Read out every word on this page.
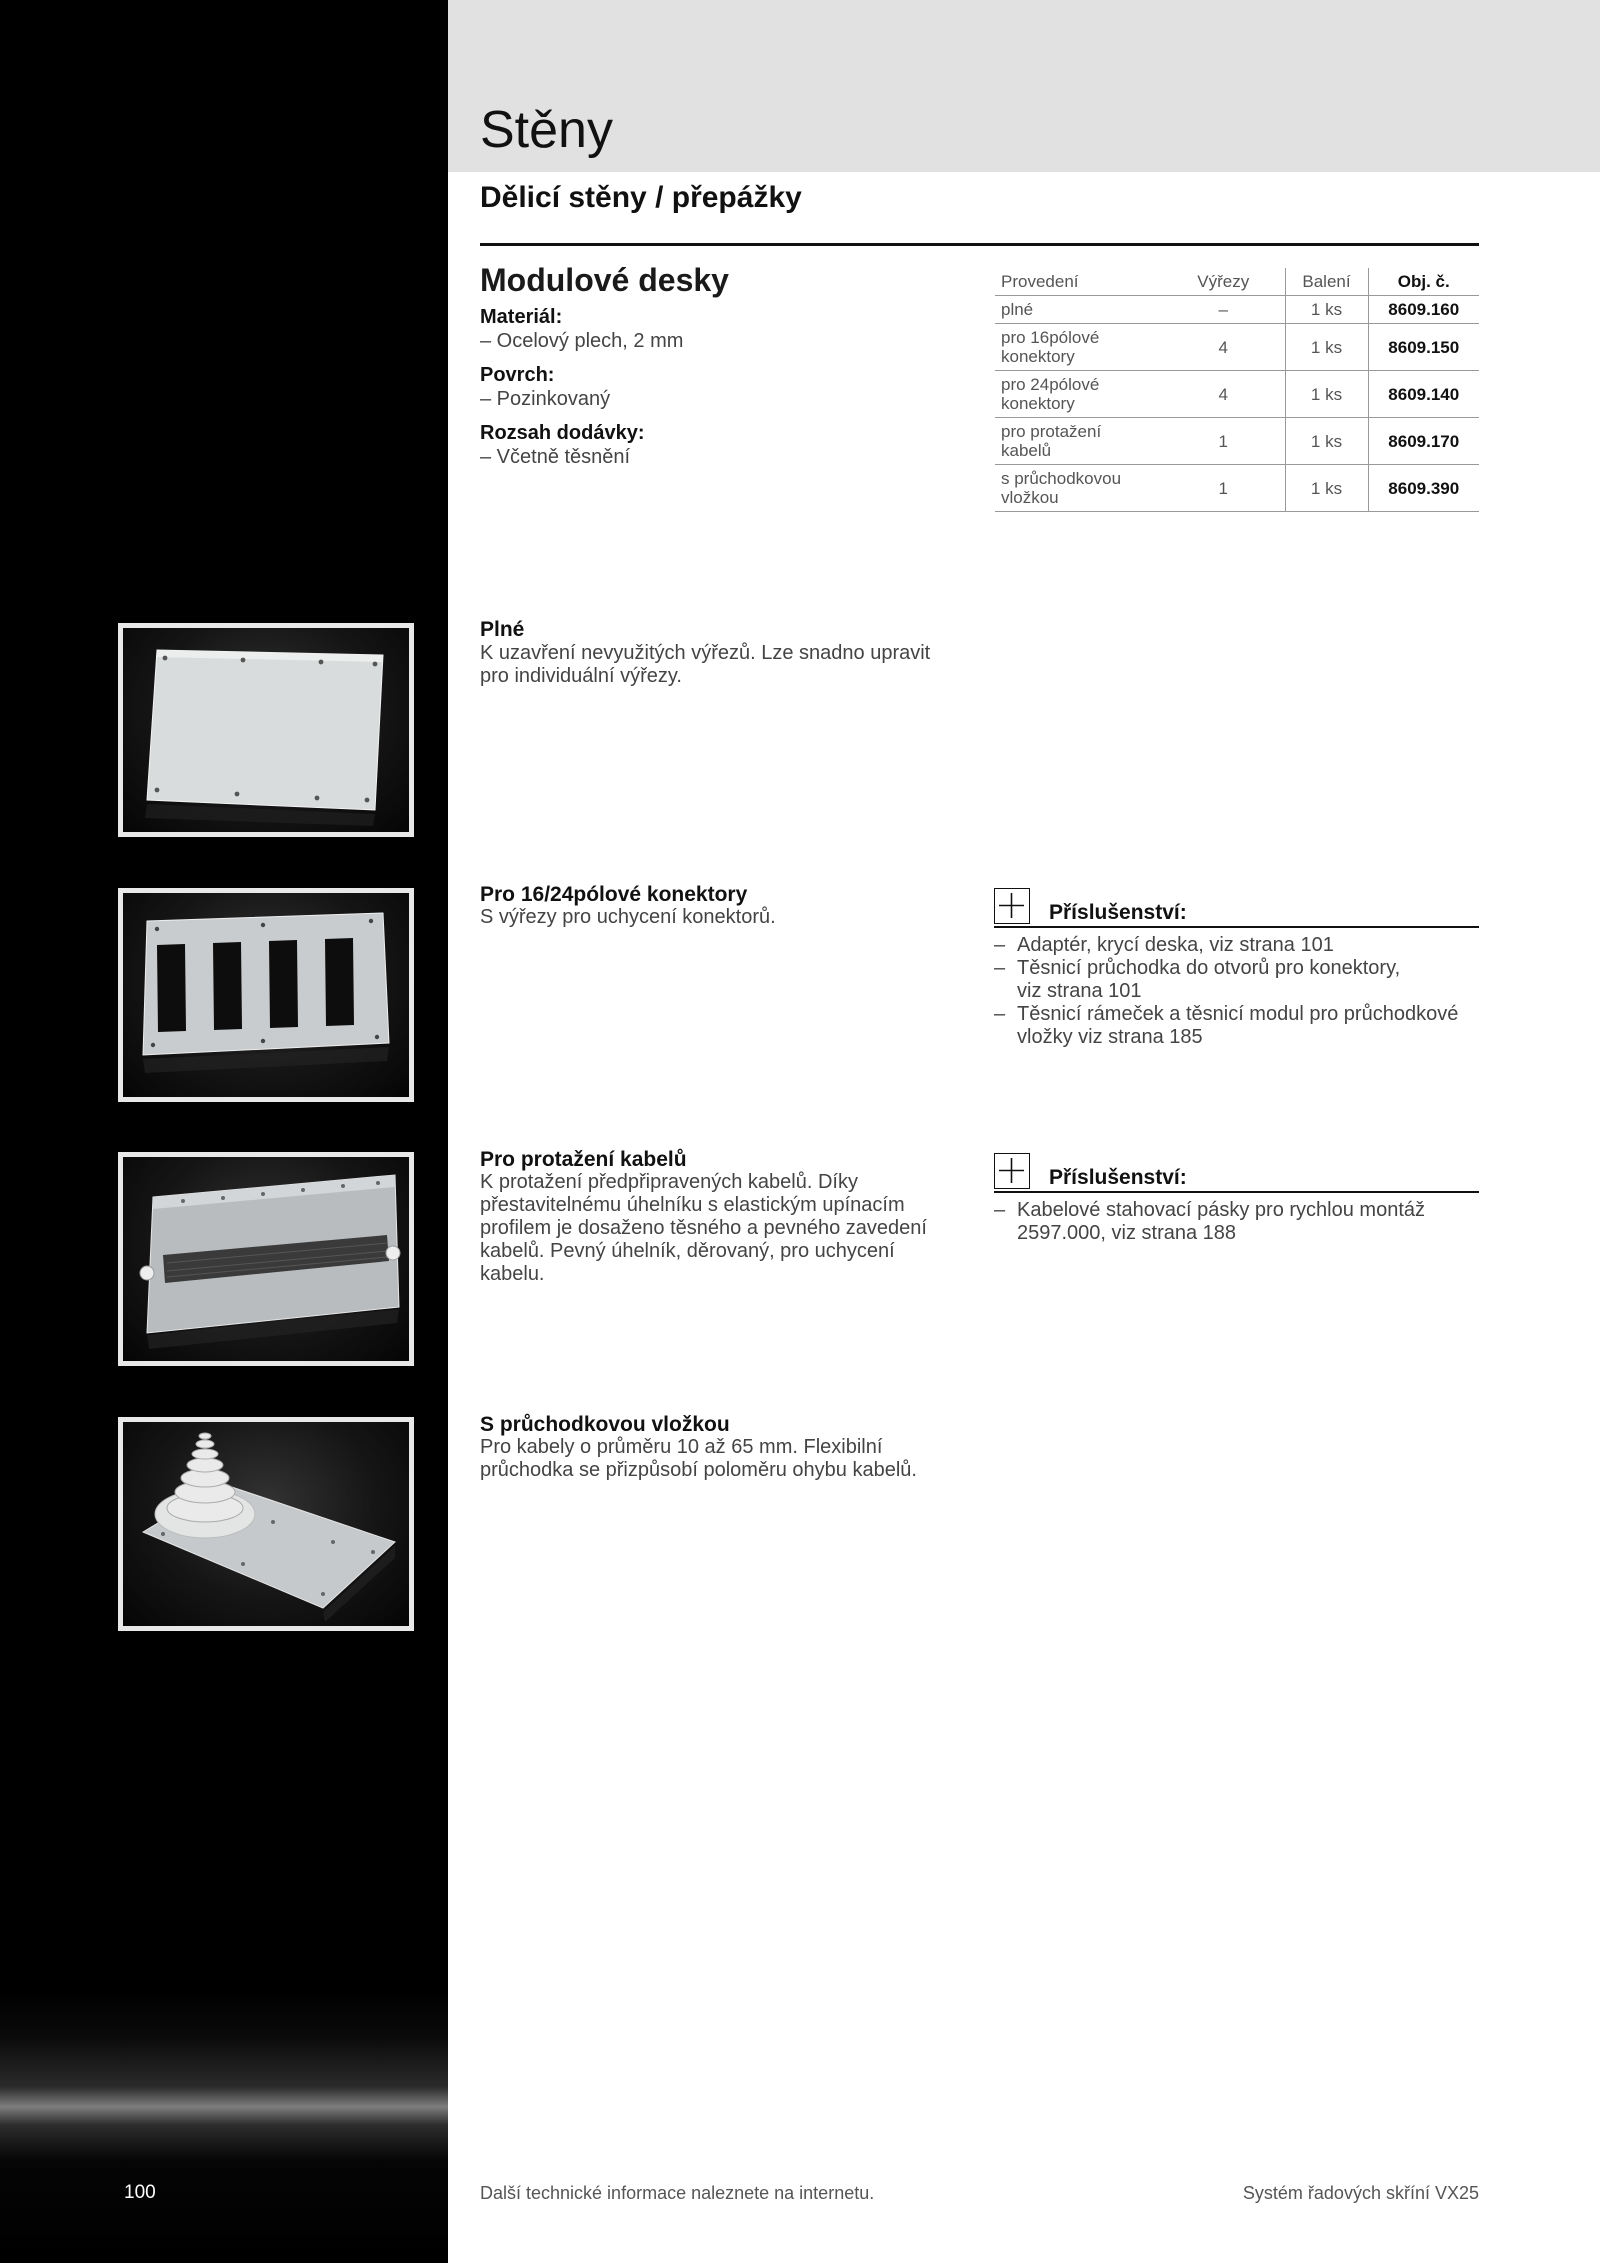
Stěny
Dělicí stěny / přepážky
Modulové desky
Materiál:
– Ocelový plech, 2 mm
Povrch:
– Pozinkovaný
Rozsah dodávky:
– Včetně těsnění
Provedení	Výřezy	Balení	Obj. č.
plné	–	1 ks	8609.160
pro 16pólové
konektory	4	1 ks	8609.150
pro 24pólové
konektory	4	1 ks	8609.140
pro protažení
kabelů	1	1 ks	8609.170
s průchodkovou
vložkou	1	1 ks	8609.390
Plné

K uzavření nevyužitých výřezů. Lze snadno upravit
pro individuální výřezy.

Pro 16/24pólové konektory

S výřezy pro uchycení konektorů.	Příslušenství:
– Adaptér, krycí deska, viz strana 101
– Těsnicí průchodka do otvorů pro konektory,
viz strana 101
– Těsnicí rámeček a těsnicí modul pro průchodkové
vložky viz strana 185
Pro protažení kabelů

K protažení předpřipravených kabelů. Díky
přestavitelnému úhelníku s elastickým upínacím
profilem je dosaženo těsného a pevného zavedení
kabelů. Pevný úhelník, děrovaný, pro uchycení
kabelu.

Příslušenství:
– Kabelové stahovací pásky pro rychlou montáž
2597.000, viz strana 188
S průchodkovou vložkou

Pro kabely o průměru 10 až 65 mm. Flexibilní
průchodka se přizpůsobí poloměru ohybu kabelů.

100	Další technické informace naleznete na internetu.	Systém řadových skříní VX25
